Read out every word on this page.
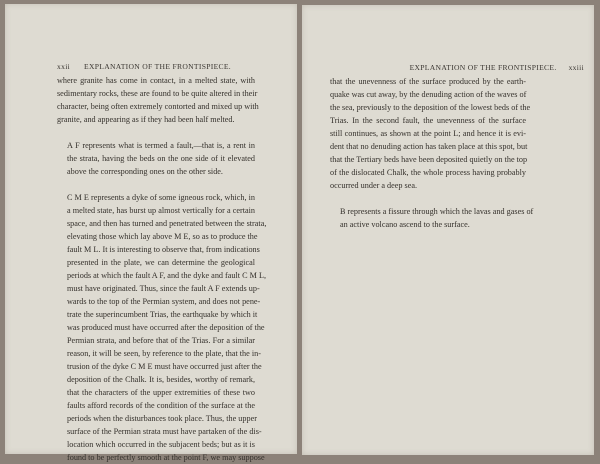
xxii EXPLANATION OF THE FRONTISPIECE.
where granite has come in contact, in a melted state, with
sedimentary rocks, these are found to be quite altered in their
character, being often extremely contorted and mixed up with
granite, and appearing as if they had been half melted.
A F represents what is termed a fault,—that is, a rent in
the strata, having the beds on the one side of it elevated
above the corresponding ones on the other side.
C M E represents a dyke of some igneous rock, which, in
a melted state, has burst up almost vertically for a certain
space, and then has turned and penetrated between the strata,
elevating those which lay above M E, so as to produce the
fault M L. It is interesting to observe that, from indications
presented in the plate, we can determine the geological
periods at which the fault A F, and the dyke and fault C M L,
must have originated. Thus, since the fault A F extends up-
wards to the top of the Permian system, and does not pene-
trate the superincumbent Trias, the earthquake by which it
was produced must have occurred after the deposition of the
Permian strata, and before that of the Trias. For a similar
reason, it will be seen, by reference to the plate, that the in-
trusion of the dyke C M E must have occurred just after the
deposition of the Chalk. It is, besides, worthy of remark,
that the characters of the upper extremities of these two
faults afford records of the condition of the surface at the
periods when the disturbances took place. Thus, the upper
surface of the Permian strata must have partaken of the dis-
location which occurred in the subjacent beds; but as it is
found to be perfectly smooth at the point F, we may suppose
EXPLANATION OF THE FRONTISPIECE. xxiii
that the unevenness of the surface produced by the earth-
quake was cut away, by the denuding action of the waves of
the sea, previously to the deposition of the lowest beds of the
Trias. In the second fault, the unevenness of the surface
still continues, as shown at the point L; and hence it is evi-
dent that no denuding action has taken place at this spot, but
that the Tertiary beds have been deposited quietly on the top
of the dislocated Chalk, the whole process having probably
occurred under a deep sea.
B represents a fissure through which the lavas and gases of
an active volcano ascend to the surface.
